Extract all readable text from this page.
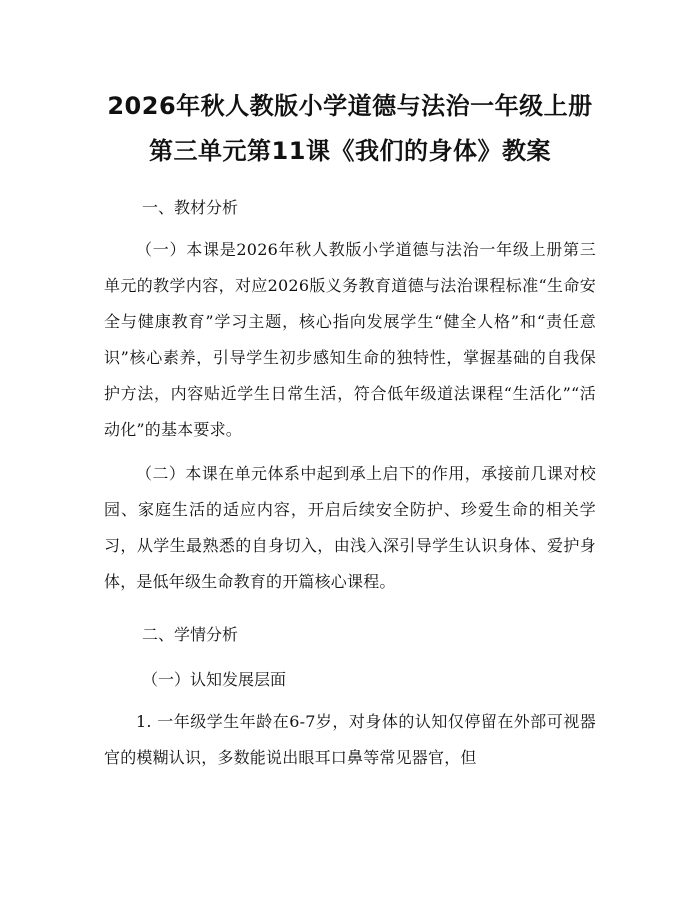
2026年秋人教版小学道德与法治一年级上册
第三单元第11课《我们的身体》教案
一、教材分析
（一）本课是2026年秋人教版小学道德与法治一年级上册第三单元的教学内容，对应2026版义务教育道德与法治课程标准“生命安全与健康教育”学习主题，核心指向发展学生“健全人格”和“责任意识”核心素养，引导学生初步感知生命的独特性，掌握基础的自我保护方法，内容贴近学生日常生活，符合低年级道法课程“生活化”“活动化”的基本要求。
（二）本课在单元体系中起到承上启下的作用，承接前几课对校园、家庭生活的适应内容，开启后续安全防护、珍爱生命的相关学习，从学生最熟悉的自身切入，由浅入深引导学生认识身体、爱护身体，是低年级生命教育的开篇核心课程。
二、学情分析
（一）认知发展层面
1. 一年级学生年龄在6-7岁，对身体的认知仅停留在外部可视器官的模糊认识，多数能说出眼耳口鼻等常见器官，但
